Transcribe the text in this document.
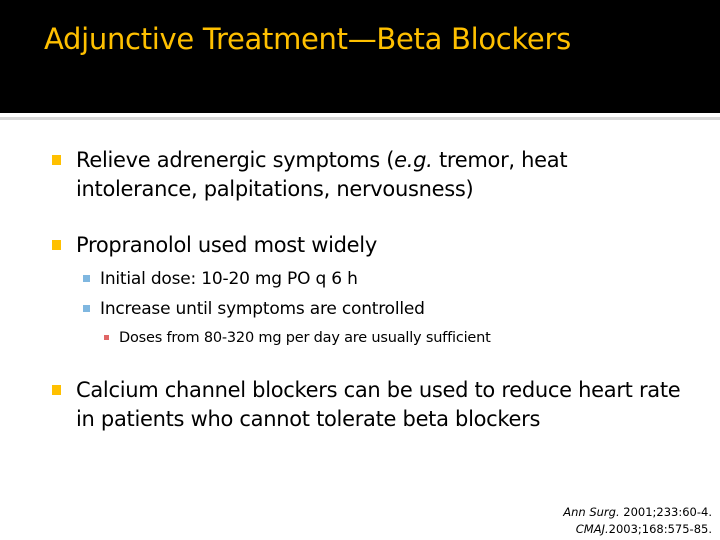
Adjunctive Treatment—Beta Blockers
Relieve adrenergic symptoms (e.g. tremor, heat intolerance, palpitations, nervousness)
Propranolol used most widely
Initial dose: 10-20 mg PO q 6 h
Increase until symptoms are controlled
Doses from 80-320 mg per day are usually sufficient
Calcium channel blockers can be used to reduce heart rate in patients who cannot tolerate beta blockers
Ann Surg. 2001;233:60-4.
CMAJ.2003;168:575-85.
